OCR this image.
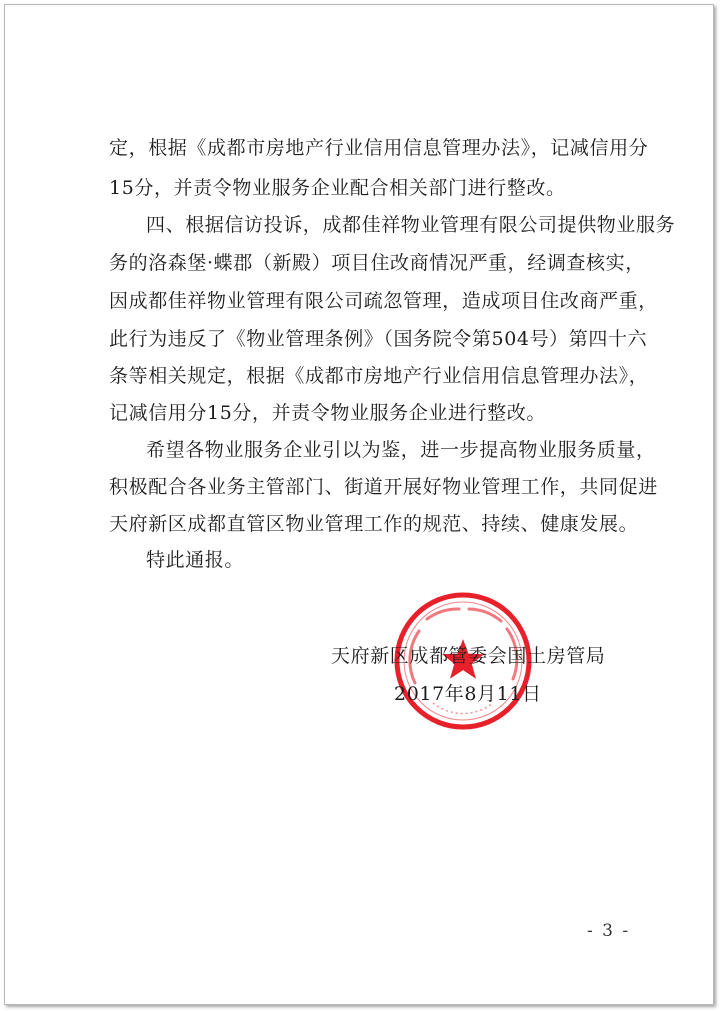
定，根据《成都市房地产行业信用信息管理办法》，记减信用分
15分，并责令物业服务企业配合相关部门进行整改。
四、根据信访投诉，成都佳祥物业管理有限公司提供物业服务
务的洛森堡·蝶郡（新殿）项目住改商情况严重，经调查核实，
因成都佳祥物业管理有限公司疏忽管理，造成项目住改商严重，
此行为违反了《物业管理条例》（国务院令第504号）第四十六
条等相关规定，根据《成都市房地产行业信用信息管理办法》，
记减信用分15分，并责令物业服务企业进行整改。
希望各物业服务企业引以为鉴，进一步提高物业服务质量，
积极配合各业务主管部门、街道开展好物业管理工作，共同促进
天府新区成都直管区物业管理工作的规范、持续、健康发展。
特此通报。
天府新区成都管委会国土房管局
2017年8月11日
- 3 -
